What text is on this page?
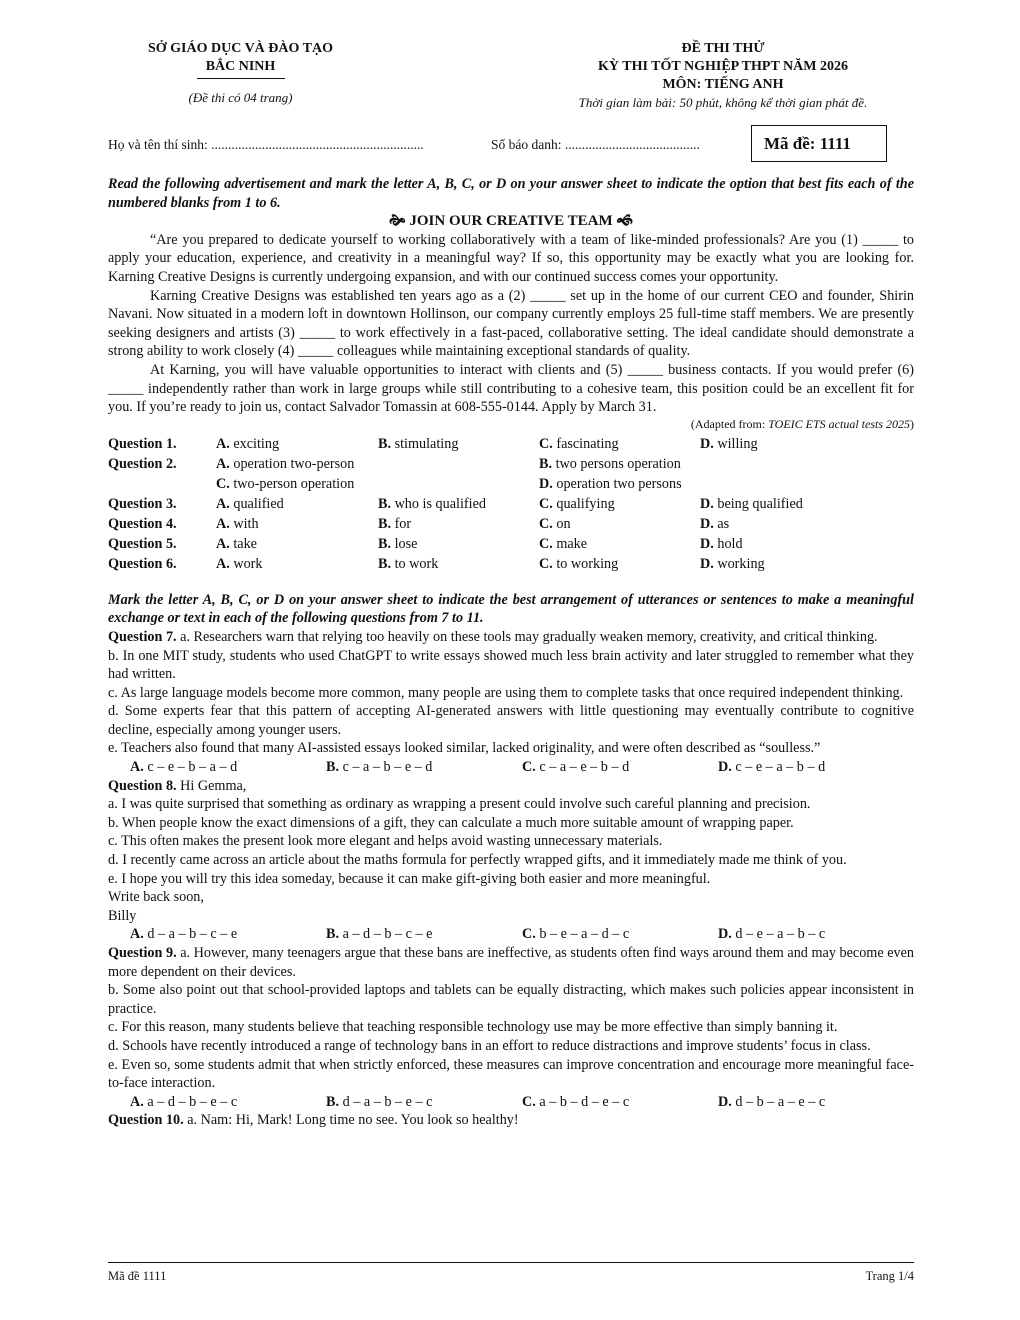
SỞ GIÁO DỤC VÀ ĐÀO TẠO
BẮC NINH
(Đề thi có 04 trang)
ĐỀ THI THỬ
KỲ THI TỐT NGHIỆP THPT NĂM 2026
MÔN: TIẾNG ANH
Thời gian làm bài: 50 phút, không kể thời gian phát đề.
Họ và tên thí sinh: ...............................................................	Số báo danh: ........................................	Mã đề: 1111
Read the following advertisement and mark the letter A, B, C, or D on your answer sheet to indicate the option that best fits each of the numbered blanks from 1 to 6.
🙞 JOIN OUR CREATIVE TEAM 🙜

“Are you prepared to dedicate yourself to working collaboratively with a team of like-minded professionals? Are you (1) _____ to apply your education, experience, and creativity in a meaningful way? If so, this opportunity may be exactly what you are looking for. Karning Creative Designs is currently undergoing expansion, and with our continued success comes your opportunity.

Karning Creative Designs was established ten years ago as a (2) _____ set up in the home of our current CEO and founder, Shirin Navani. Now situated in a modern loft in downtown Hollinson, our company currently employs 25 full-time staff members. We are presently seeking designers and artists (3) _____ to work effectively in a fast-paced, collaborative setting. The ideal candidate should demonstrate a strong ability to work closely (4) _____ colleagues while maintaining exceptional standards of quality.

At Karning, you will have valuable opportunities to interact with clients and (5) _____ business contacts. If you would prefer (6) _____ independently rather than work in large groups while still contributing to a cohesive team, this position could be an excellent fit for you. If you’re ready to join us, contact Salvador Tomassin at 608-555-0144. Apply by March 31.

(Adapted from: TOEIC ETS actual tests 2025)
Question 1.	A. exciting	B. stimulating	C. fascinating	D. willing
Question 2.	A. operation two-person		B. two persons operation	
	C. two-person operation		D. operation two persons	
Question 3.	A. qualified	B. who is qualified	C. qualifying	D. being qualified
Question 4.	A. with	B. for	C. on	D. as
Question 5.	A. take	B. lose	C. make	D. hold
Question 6.	A. work	B. to work	C. to working	D. working
Mark the letter A, B, C, or D on your answer sheet to indicate the best arrangement of utterances or sentences to make a meaningful exchange or text in each of the following questions from 7 to 11.

Question 7. a. Researchers warn that relying too heavily on these tools may gradually weaken memory, creativity, and critical thinking.

b. In one MIT study, students who used ChatGPT to write essays showed much less brain activity and later struggled to remember what they had written.

c. As large language models become more common, many people are using them to complete tasks that once required independent thinking.

d. Some experts fear that this pattern of accepting AI-generated answers with little questioning may eventually contribute to cognitive decline, especially among younger users.

e. Teachers also found that many AI-assisted essays looked similar, lacked originality, and were often described as “soulless.”

A. c – e – b – a – d	B. c – a – b – e – d	C. c – a – e – b – d	D. c – e – a – b – d

Question 8. Hi Gemma,

a. I was quite surprised that something as ordinary as wrapping a present could involve such careful planning and precision.

b. When people know the exact dimensions of a gift, they can calculate a much more suitable amount of wrapping paper.

c. This often makes the present look more elegant and helps avoid wasting unnecessary materials.

d. I recently came across an article about the maths formula for perfectly wrapped gifts, and it immediately made me think of you.

e. I hope you will try this idea someday, because it can make gift-giving both easier and more meaningful.

Write back soon,

Billy

A. d – a – b – c – e	B. a – d – b – c – e	C. b – e – a – d – c	D. d – e – a – b – c

Question 9. a. However, many teenagers argue that these bans are ineffective, as students often find ways around them and may become even more dependent on their devices.

b. Some also point out that school-provided laptops and tablets can be equally distracting, which makes such policies appear inconsistent in practice.

c. For this reason, many students believe that teaching responsible technology use may be more effective than simply banning it.

d. Schools have recently introduced a range of technology bans in an effort to reduce distractions and improve students’ focus in class.

e. Even so, some students admit that when strictly enforced, these measures can improve concentration and encourage more meaningful face-to-face interaction.

A. a – d – b – e – c	B. d – a – b – e – c	C. a – b – d – e – c	D. d – b – a – e – c

Question 10. a. Nam: Hi, Mark! Long time no see. You look so healthy!

Mã đề 1111	Trang 1/4
